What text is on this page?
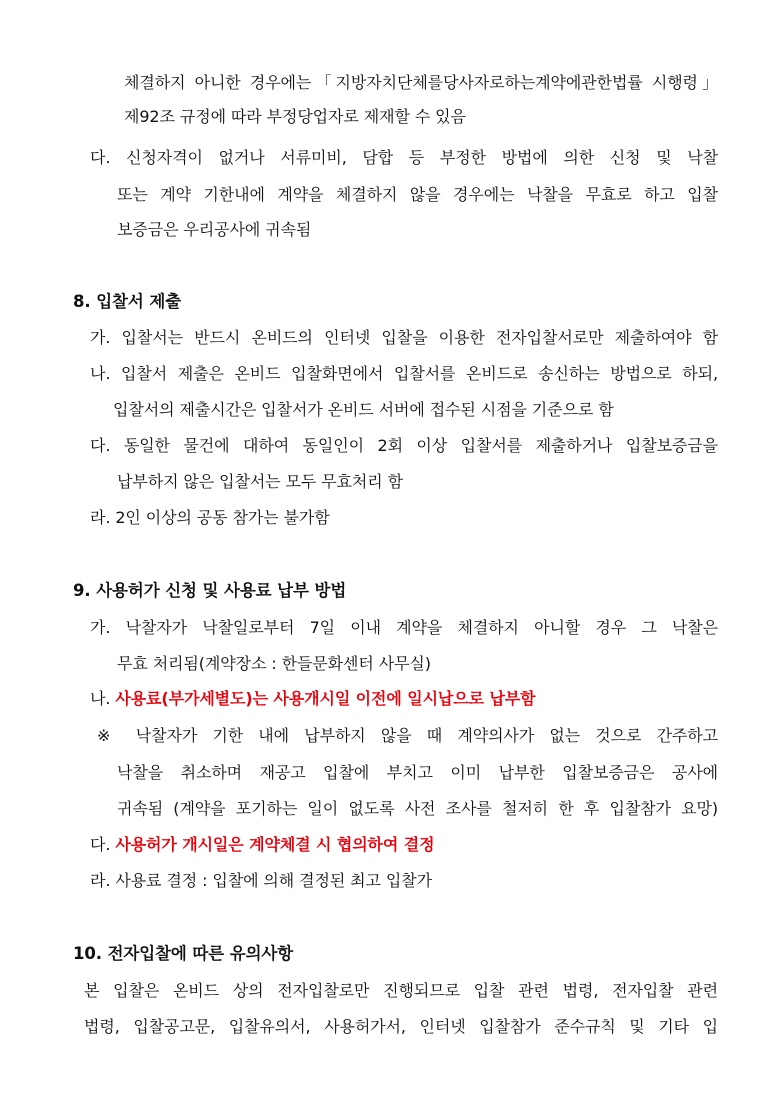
체결하지 아니한 경우에는「지방자치단체를당사자로하는계약에관한법률 시행령」
제92조 규정에 따라 부정당업자로 제재할 수 있음
다. 신청자격이 없거나 서류미비, 담합 등 부정한 방법에 의한 신청 및 낙찰
또는 계약 기한내에 계약을 체결하지 않을 경우에는 낙찰을 무효로 하고 입찰
보증금은 우리공사에 귀속됨
8. 입찰서 제출
가. 입찰서는 반드시 온비드의 인터넷 입찰을 이용한 전자입찰서로만 제출하여야 함
나. 입찰서 제출은 온비드 입찰화면에서 입찰서를 온비드로 송신하는 방법으로 하되,
입찰서의 제출시간은 입찰서가 온비드 서버에 접수된 시점을 기준으로 함
다. 동일한 물건에 대하여 동일인이 2회 이상 입찰서를 제출하거나 입찰보증금을
납부하지 않은 입찰서는 모두 무효처리 함
라. 2인 이상의 공동 참가는 불가함
9. 사용허가 신청 및 사용료 납부 방법
가. 낙찰자가 낙찰일로부터 7일 이내 계약을 체결하지 아니할 경우 그 낙찰은
무효 처리됨(계약장소 : 한들문화센터 사무실)
나. 사용료(부가세별도)는 사용개시일 이전에 일시납으로 납부함
※ 낙찰자가 기한 내에 납부하지 않을 때 계약의사가 없는 것으로 간주하고
낙찰을 취소하며 재공고 입찰에 부치고 이미 납부한 입찰보증금은 공사에
귀속됨 (계약을 포기하는 일이 없도록 사전 조사를 철저히 한 후 입찰참가 요망)
다. 사용허가 개시일은 계약체결 시 협의하여 결정
라. 사용료 결정 : 입찰에 의해 결정된 최고 입찰가
10. 전자입찰에 따른 유의사항
본 입찰은 온비드 상의 전자입찰로만 진행되므로 입찰 관련 법령, 전자입찰 관련
법령, 입찰공고문, 입찰유의서, 사용허가서, 인터넷 입찰참가 준수규칙 및 기타 입
